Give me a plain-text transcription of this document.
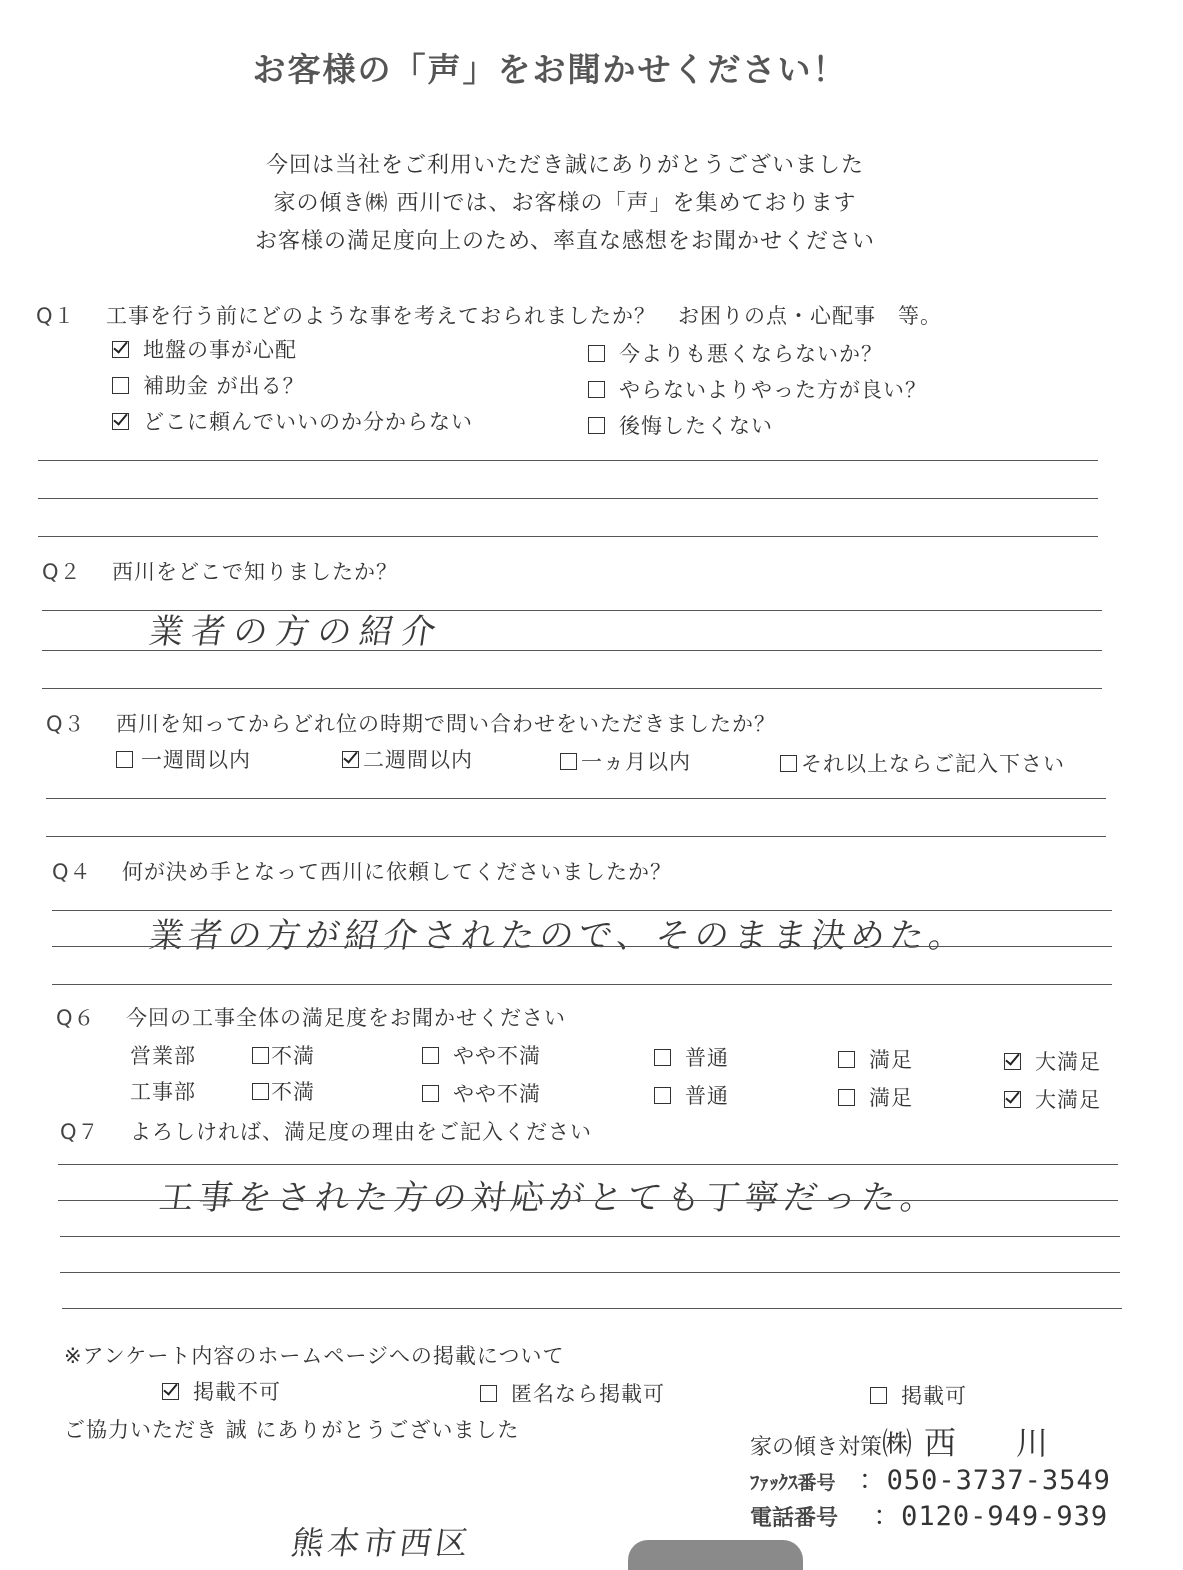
お客様の「声」をお聞かせください！
今回は当社をご利用いただき誠にありがとうございました
家の傾き㈱ 西川では、お客様の「声」を集めております
お客様の満足度向上のため、率直な感想をお聞かせください
Q１ 工事を行う前にどのような事を考えておられましたか？　お困りの点・心配事　等。
地盤の事が心配
補助金 が出る？
どこに頼んでいいのか分からない
今よりも悪くならないか？
やらないよりやった方が良い？
後悔したくない
Q２ 西川をどこで知りましたか？
業者の方の紹介
Q３ 西川を知ってからどれ位の時期で問い合わせをいただきましたか？
一週間以内	二週間以内	一ヵ月以内	それ以上ならご記入下さい
Q４ 何が決め手となって西川に依頼してくださいましたか？
業者の方が紹介されたので、そのまま決めた。
Q６ 今回の工事全体の満足度をお聞かせください
営業部	不満	やや不満	普通	満足	大満足
工事部	不満	やや不満	普通	満足	大満足
Q７ よろしければ、満足度の理由をご記入ください
工事をされた方の対応がとても丁寧だった。
※アンケート内容のホームページへの掲載について
掲載不可	匿名なら掲載可	掲載可
ご協力いただき 誠 にありがとうございました
家の傾き対策㈱ 西川
ﾌｧｯｸｽ番号 ：050-3737-3549
電話番号 ：0120-949-939
熊本市西区
